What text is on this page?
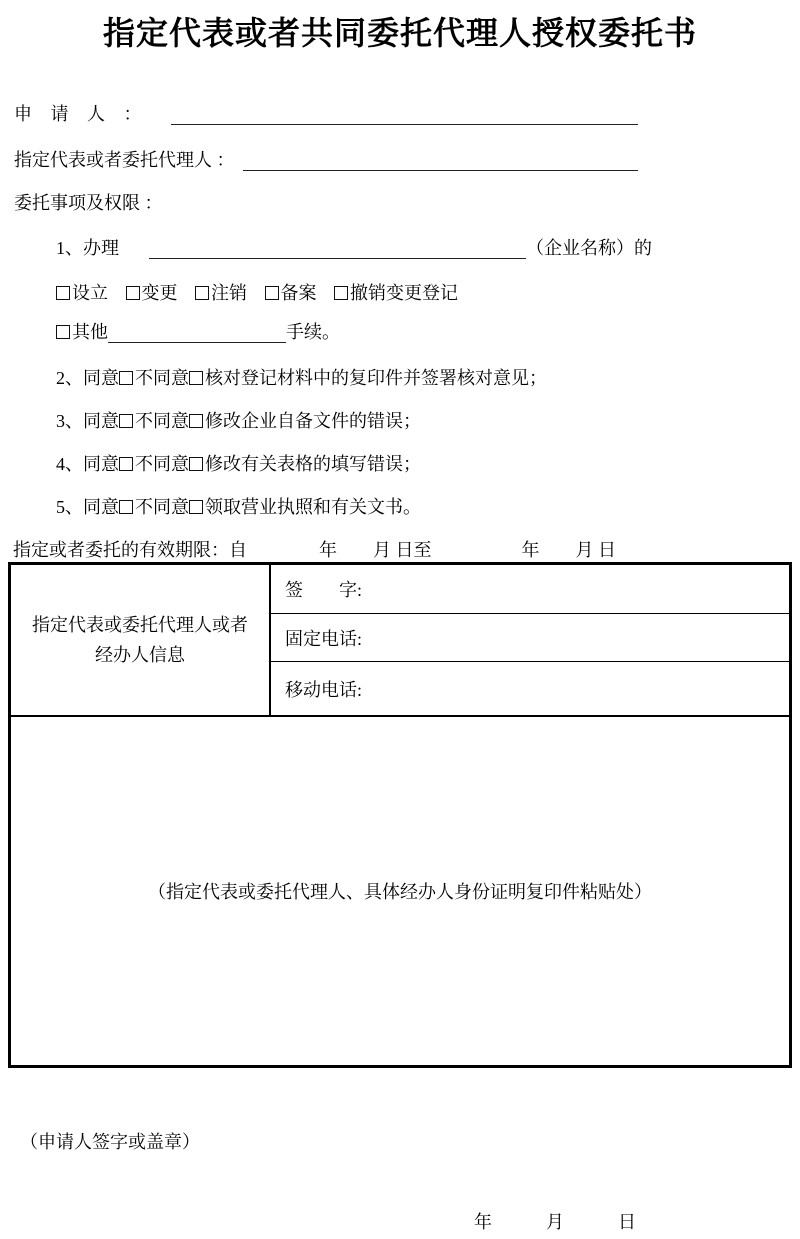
指定代表或者共同委托代理人授权委托书
申 请 人 ：
指定代表或者委托代理人 ：
委托事项及权限 ：
1、办理	（企业名称）的
设立 变更 注销 备案 撤销变更登记
其他	手续。
2、同意 不同意 核对登记材料中的复印件并签署核对意见；
3、同意 不同意 修改企业自备文件的错误；
4、同意 不同意 修改有关表格的填写错误；
5、同意 不同意 领取营业执照和有关文书。
指定或者委托的有效期限：自　　　　年　　月 日至　　　　　年　　月 日
指定代表或委托代理人或者
经办人信息
签　　字:
固定电话:
移动电话:
（指定代表或委托代理人、具体经办人身份证明复印件粘贴处）
（申请人签字或盖章）
年　　　月　　　日
